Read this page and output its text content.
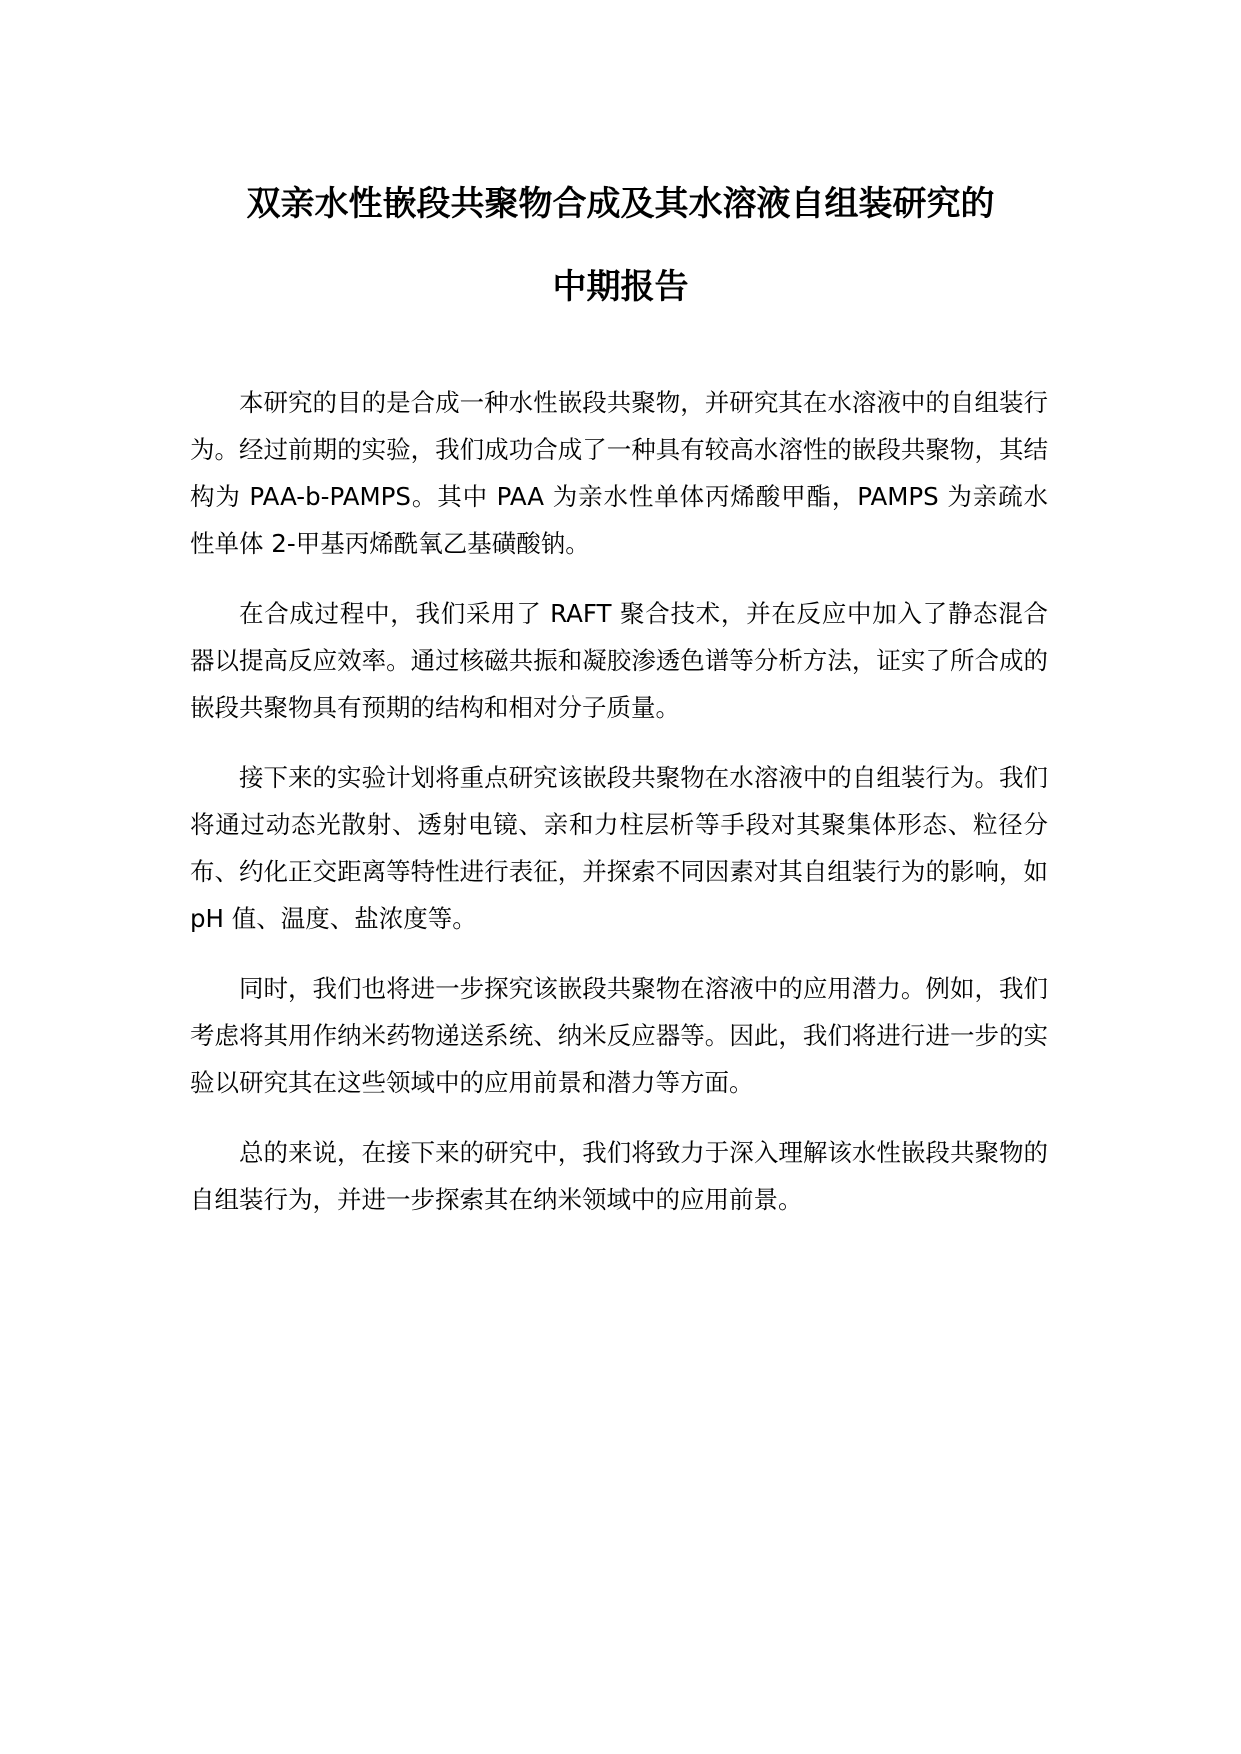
双亲水性嵌段共聚物合成及其水溶液自组装研究的
中期报告

本研究的目的是合成一种水性嵌段共聚物，并研究其在水溶液中的自组装行为。经过前期的实验，我们成功合成了一种具有较高水溶性的嵌段共聚物，其结构为 PAA-b-PAMPS。其中 PAA 为亲水性单体丙烯酸甲酯，PAMPS 为亲疏水性单体 2-甲基丙烯酰氧乙基磺酸钠。

在合成过程中，我们采用了 RAFT 聚合技术，并在反应中加入了静态混合器以提高反应效率。通过核磁共振和凝胶渗透色谱等分析方法，证实了所合成的嵌段共聚物具有预期的结构和相对分子质量。

接下来的实验计划将重点研究该嵌段共聚物在水溶液中的自组装行为。我们将通过动态光散射、透射电镜、亲和力柱层析等手段对其聚集体形态、粒径分布、约化正交距离等特性进行表征，并探索不同因素对其自组装行为的影响，如 pH 值、温度、盐浓度等。

同时，我们也将进一步探究该嵌段共聚物在溶液中的应用潜力。例如，我们考虑将其用作纳米药物递送系统、纳米反应器等。因此，我们将进行进一步的实验以研究其在这些领域中的应用前景和潜力等方面。

总的来说，在接下来的研究中，我们将致力于深入理解该水性嵌段共聚物的自组装行为，并进一步探索其在纳米领域中的应用前景。
